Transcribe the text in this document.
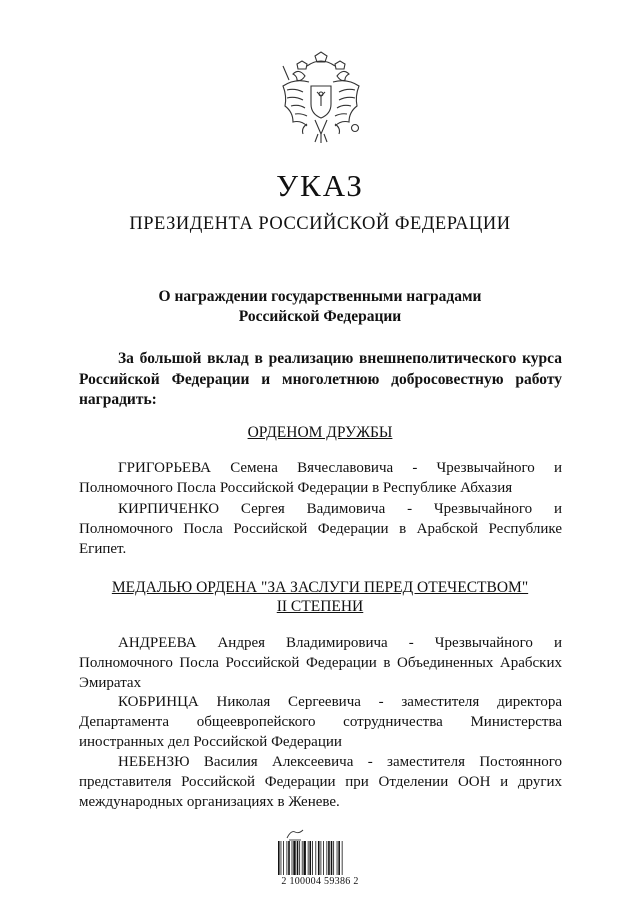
УКАЗ
ПРЕЗИДЕНТА РОССИЙСКОЙ ФЕДЕРАЦИИ
О награждении государственными наградами
Российской Федерации
За большой вклад в реализацию внешнеполитического курса Российской Федерации и многолетнюю добросовестную работу наградить:
ОРДЕНОМ ДРУЖБЫ
ГРИГОРЬЕВА Семена Вячеславовича - Чрезвычайного и Полномочного Посла Российской Федерации в Республике Абхазия
КИРПИЧЕНКО Сергея Вадимовича - Чрезвычайного и Полномочного Посла Российской Федерации в Арабской Республике Египет.
МЕДАЛЬЮ ОРДЕНА "ЗА ЗАСЛУГИ ПЕРЕД ОТЕЧЕСТВОМ"
II СТЕПЕНИ
АНДРЕЕВА Андрея Владимировича - Чрезвычайного и Полномочного Посла Российской Федерации в Объединенных Арабских Эмиратах
КОБРИНЦА Николая Сергеевича - заместителя директора Департамента общеевропейского сотрудничества Министерства иностранных дел Российской Федерации
НЕБЕНЗЮ Василия Алексеевича - заместителя Постоянного представителя Российской Федерации при Отделении ООН и других международных организациях в Женеве.
2 100004 59386 2
